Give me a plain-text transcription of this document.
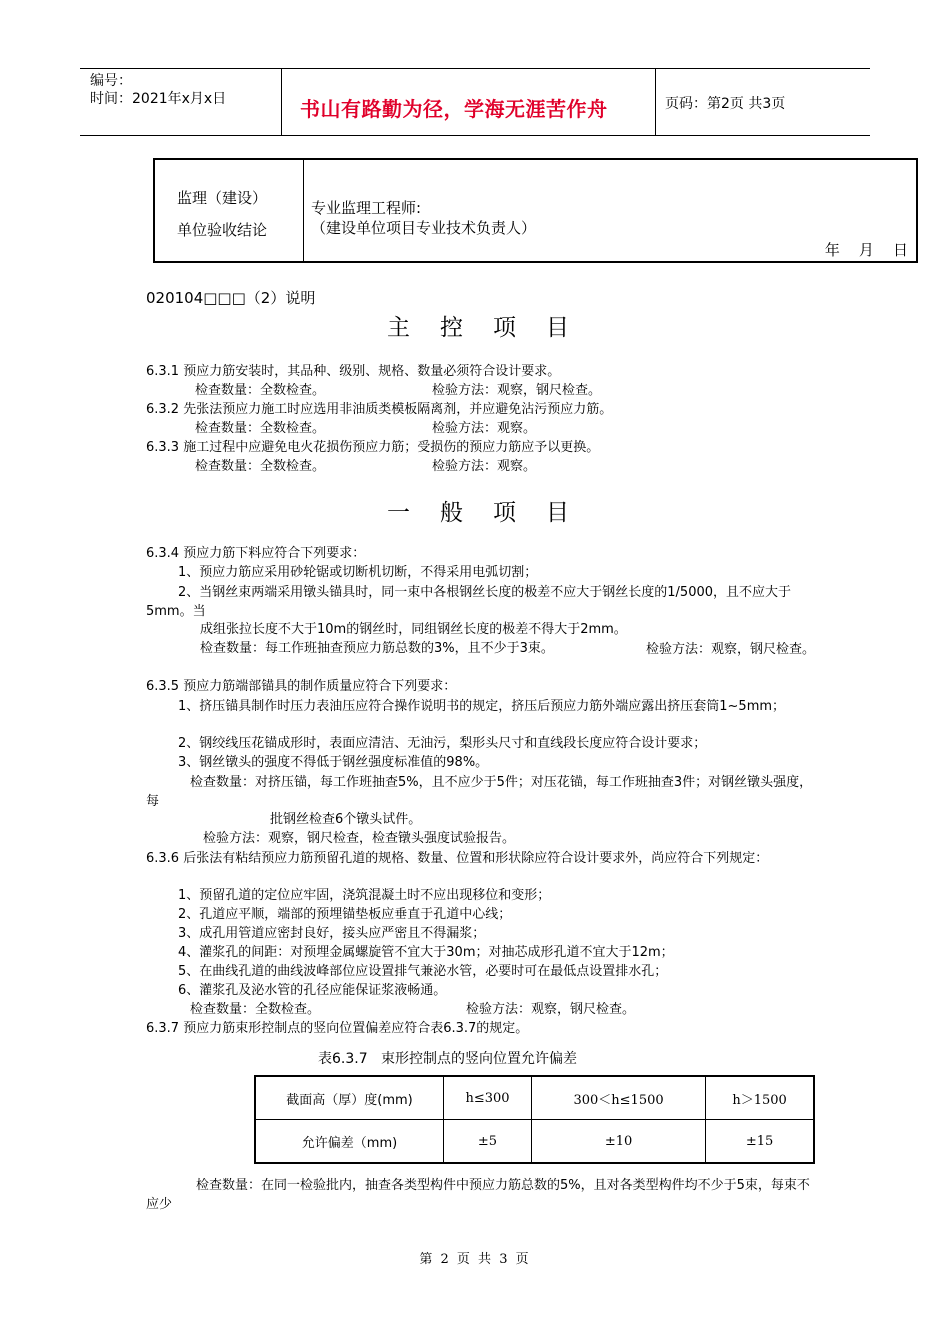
编号：
时间：2021年x月x日	书山有路勤为径，学海无涯苦作舟	页码：第2页 共3页
监理（建设）
单位验收结论
专业监理工程师:
（建设单位项目专业技术负责人）
年    月    日
020104□□□（2）说明
主控项目
6.3.1 预应力筋安装时，其品种、级别、规格、数量必须符合设计要求。
检查数量：全数检查。	检验方法：观察，钢尺检查。
6.3.2 先张法预应力施工时应选用非油质类模板隔离剂，并应避免沾污预应力筋。
检查数量：全数检查。	检验方法：观察。
6.3.3 施工过程中应避免电火花损伤预应力筋；受损伤的预应力筋应予以更换。
检查数量：全数检查。	检验方法：观察。
一般项目
6.3.4 预应力筋下料应符合下列要求：
1、预应力筋应采用砂轮锯或切断机切断，不得采用电弧切割；
2、当钢丝束两端采用镦头锚具时，同一束中各根钢丝长度的极差不应大于钢丝长度的1/5000，且不应大于5mm。当
成组张拉长度不大于10m的钢丝时，同组钢丝长度的极差不得大于2mm。
检查数量：每工作班抽查预应力筋总数的3%，且不少于3束。	检验方法：观察，钢尺检查。
6.3.5 预应力筋端部锚具的制作质量应符合下列要求：
1、挤压锚具制作时压力表油压应符合操作说明书的规定，挤压后预应力筋外端应露出挤压套筒1~5mm；
2、钢绞线压花锚成形时，表面应清洁、无油污，梨形头尺寸和直线段长度应符合设计要求；
3、钢丝镦头的强度不得低于钢丝强度标准值的98%。
检查数量：对挤压锚，每工作班抽查5%，且不应少于5件；对压花锚，每工作班抽查3件；对钢丝镦头强度，每
批钢丝检查6个镦头试件。
检验方法：观察，钢尺检查，检查镦头强度试验报告。
6.3.6 后张法有粘结预应力筋预留孔道的规格、数量、位置和形状除应符合设计要求外，尚应符合下列规定：
1、预留孔道的定位应牢固，浇筑混凝土时不应出现移位和变形；
2、孔道应平顺，端部的预埋锚垫板应垂直于孔道中心线；
3、成孔用管道应密封良好，接头应严密且不得漏浆；
4、灌浆孔的间距：对预埋金属螺旋管不宜大于30m；对抽芯成形孔道不宜大于12m；
5、在曲线孔道的曲线波峰部位应设置排气兼泌水管，必要时可在最低点设置排水孔；
6、灌浆孔及泌水管的孔径应能保证浆液畅通。
检查数量：全数检查。	检验方法：观察，钢尺检查。
6.3.7 预应力筋束形控制点的竖向位置偏差应符合表6.3.7的规定。
表6.3.7   束形控制点的竖向位置允许偏差
截面高（厚）度(mm)	h≤300	300＜h≤1500	h＞1500
允许偏差（mm)	±5	±10	±15
检查数量：在同一检验批内，抽查各类型构件中预应力筋总数的5%，且对各类型构件均不少于5束，每束不应少
第 2 页 共 3 页
